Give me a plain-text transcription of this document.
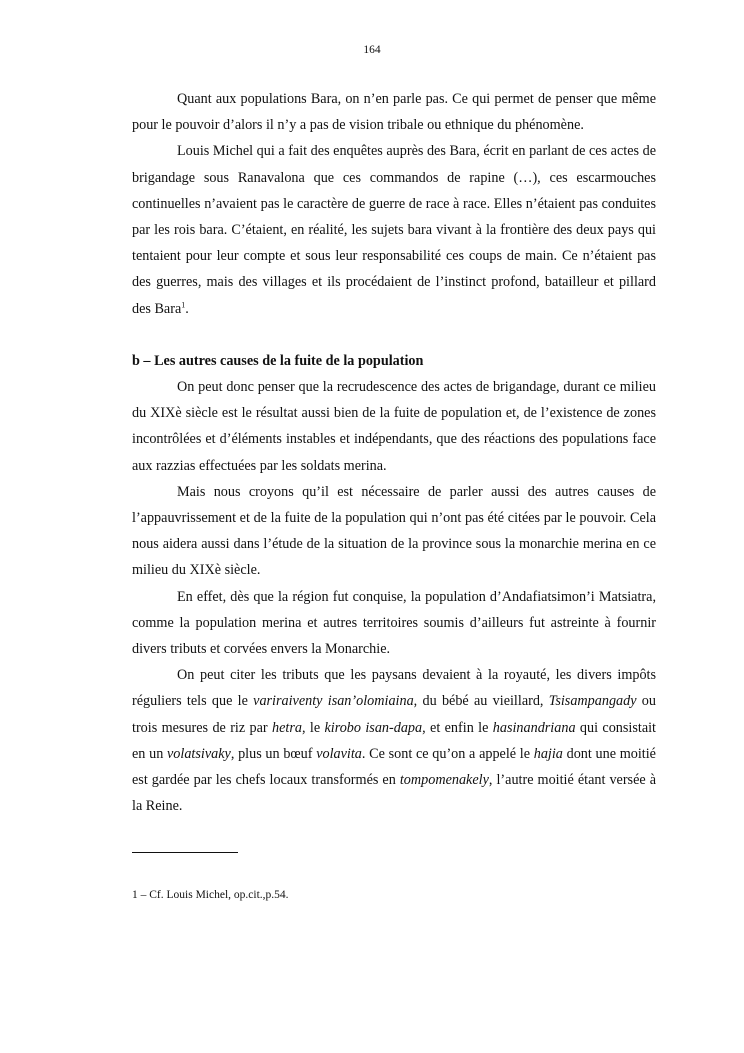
164

Quant aux populations Bara, on n’en parle pas. Ce qui permet de penser que même pour le pouvoir d’alors il n’y a pas de vision tribale ou ethnique du phénomène.

Louis Michel qui a fait des enquêtes auprès des Bara, écrit en parlant de ces actes de brigandage sous Ranavalona que ces commandos de rapine (…), ces escarmouches continuelles n’avaient pas le caractère de guerre de race à race. Elles n’étaient pas conduites par les rois bara. C’étaient, en réalité, les sujets bara vivant à la frontière des deux pays qui tentaient pour leur compte et sous leur responsabilité ces coups de main. Ce n’étaient pas des guerres, mais des villages et ils procédaient de l’instinct profond, batailleur et pillard des Bara$^1$.

b – Les autres causes de la fuite de la population

On peut donc penser que la recrudescence des actes de brigandage, durant ce milieu du XIXè siècle est le résultat aussi bien de la fuite de population et, de l’existence de zones incontrôlées et d’éléments instables et indépendants, que des réactions des populations face aux razzias effectuées par les soldats merina.

Mais nous croyons qu’il est nécessaire de parler aussi des autres causes de l’appauvrissement et de la fuite de la population qui n’ont pas été citées par le pouvoir. Cela nous aidera aussi dans l’étude de la situation de la province sous la monarchie merina en ce milieu du XIXè siècle.

En effet, dès que la région fut conquise, la population d’Andafiatsimon’i Matsiatra, comme la population merina et autres territoires soumis d’ailleurs fut astreinte à fournir divers tributs et corvées envers la Monarchie.

On peut citer les tributs que les paysans devaient à la royauté, les divers impôts réguliers tels que le variraiventy isan’olomiaina, du bébé au vieillard, Tsisampangady ou trois mesures de riz par hetra, le kirobo isan-dapa, et enfin le hasinandriana qui consistait en un volatsivaky, plus un bœuf volavita. Ce sont ce qu’on a appelé le hajia dont une moitié est gardée par les chefs locaux transformés en tompomenakely, l’autre moitié étant versée à la Reine.

1 – Cf. Louis Michel, op.cit.,p.54.
